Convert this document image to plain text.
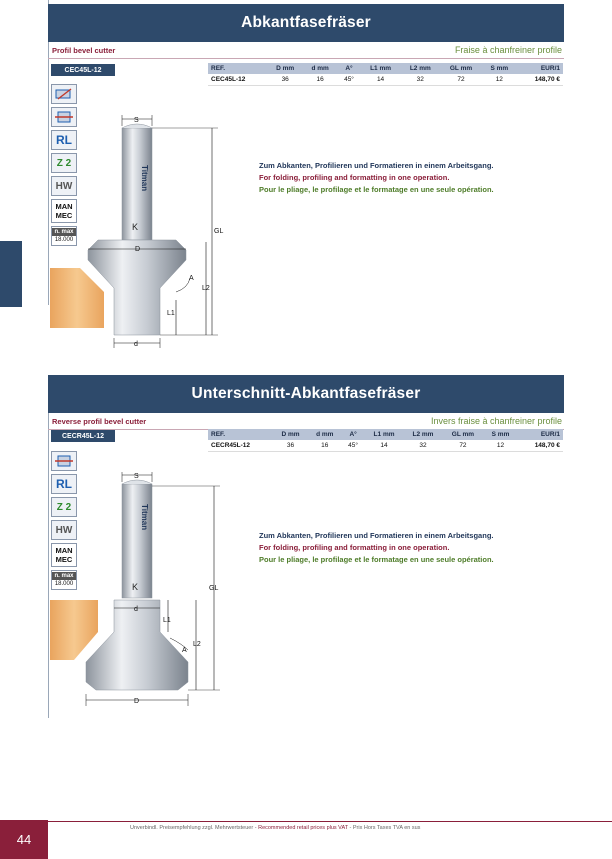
Abkantfasefräser
Profil bevel cutter	Fraise à chanfreiner profile
CEC45L-12	REF.	D mm	d mm	A°	L1 mm	L2 mm	GL mm	S mm	EUR/1
CEC45L-12	36	16	45°	14	32	72	12	148,70 €
RL
Z 2
HW
MAN
MEC
n. max
18.000
Titman
K
S
D
GL
L2
A
L1
d
Zum Abkanten, Profilieren und Formatieren in einem Arbeitsgang.
For folding, profiling and formatting in one operation.
Pour le pliage, le profilage et le formatage en une seule opération.
Unterschnitt-Abkantfasefräser
Reverse profil bevel cutter	Invers fraise à chanfreiner profile
CECR45L-12	REF.	D mm	d mm	A°	L1 mm	L2 mm	GL mm	S mm	EUR/1
CECR45L-12	36	16	45°	14	32	72	12	148,70 €
RL
Z 2
HW
MAN
MEC
n. max
18.000
Titman
K
S
d
GL
L1
L2
A
D
Zum Abkanten, Profilieren und Formatieren in einem Arbeitsgang.
For folding, profiling and formatting in one operation.
Pour le pliage, le profilage et le formatage en une seule opération.
44
Unverbindl. Preisempfehlung zzgl. Mehrwertsteuer - Recommended retail prices plus VAT - Prix Hors Taxes TVA en sus
